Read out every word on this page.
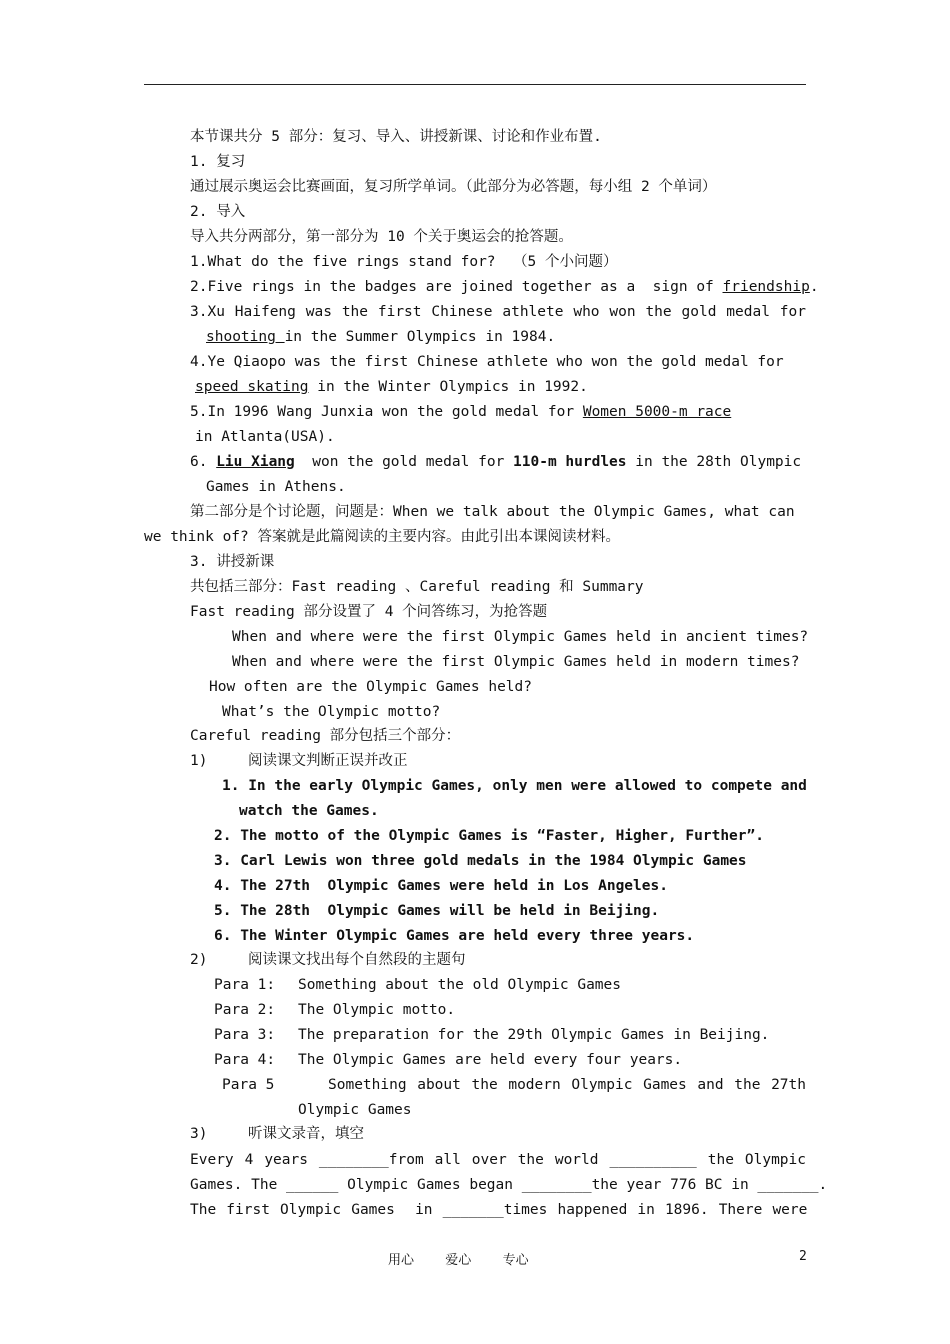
本节课共分 5 部分：复习、导入、讲授新课、讨论和作业布置.
1. 复习
通过展示奥运会比赛画面，复习所学单词。（此部分为必答题，每小组 2 个单词）
2. 导入
导入共分两部分，第一部分为 10 个关于奥运会的抢答题。
1.What do the five rings stand for?  （5 个小问题）
2.Five rings in the badges are joined together as a  sign of friendship.
3.Xu Haifeng was the first Chinese athlete who won the gold medal for
shooting in the Summer Olympics in 1984.
4.Ye Qiaopo was the first Chinese athlete who won the gold medal for
speed skating in the Winter Olympics in 1992.
5.In 1996 Wang Junxia won the gold medal for Women 5000-m race
in Atlanta(USA).
6. Liu Xiang  won the gold medal for 110-m hurdles in the 28th Olympic
Games in Athens.
第二部分是个讨论题，问题是：When we talk about the Olympic Games, what can
we think of? 答案就是此篇阅读的主要内容。由此引出本课阅读材料。
3. 讲授新课
共包括三部分：Fast reading 、Careful reading 和 Summary
Fast reading 部分设置了 4 个问答练习，为抢答题
When and where were the first Olympic Games held in ancient times?
When and where were the first Olympic Games held in modern times?
How often are the Olympic Games held?
What’s the Olympic motto?
Careful reading 部分包括三个部分：
1)	阅读课文判断正误并改正
1. In the early Olympic Games, only men were allowed to compete and
watch the Games.
2. The motto of the Olympic Games is “Faster, Higher, Further”.
3. Carl Lewis won three gold medals in the 1984 Olympic Games
4. The 27th  Olympic Games were held in Los Angeles.
5. The 28th  Olympic Games will be held in Beijing.
6. The Winter Olympic Games are held every three years.
2)	阅读课文找出每个自然段的主题句
Para 1: Something about the old Olympic Games
Para 2: The Olympic motto.
Para 3: The preparation for the 29th Olympic Games in Beijing.
Para 4: The Olympic Games are held every four years.
Para 5	Something about the modern Olympic Games and the 27th
Olympic Games
3)	听课文录音，填空
Every 4 years ________from all over the world __________ the Olympic
Games. The ______ Olympic Games began ________the year 776 BC in _______.
The first Olympic Games  in _______times happened in 1896. There were
用心    爱心    专心	2
